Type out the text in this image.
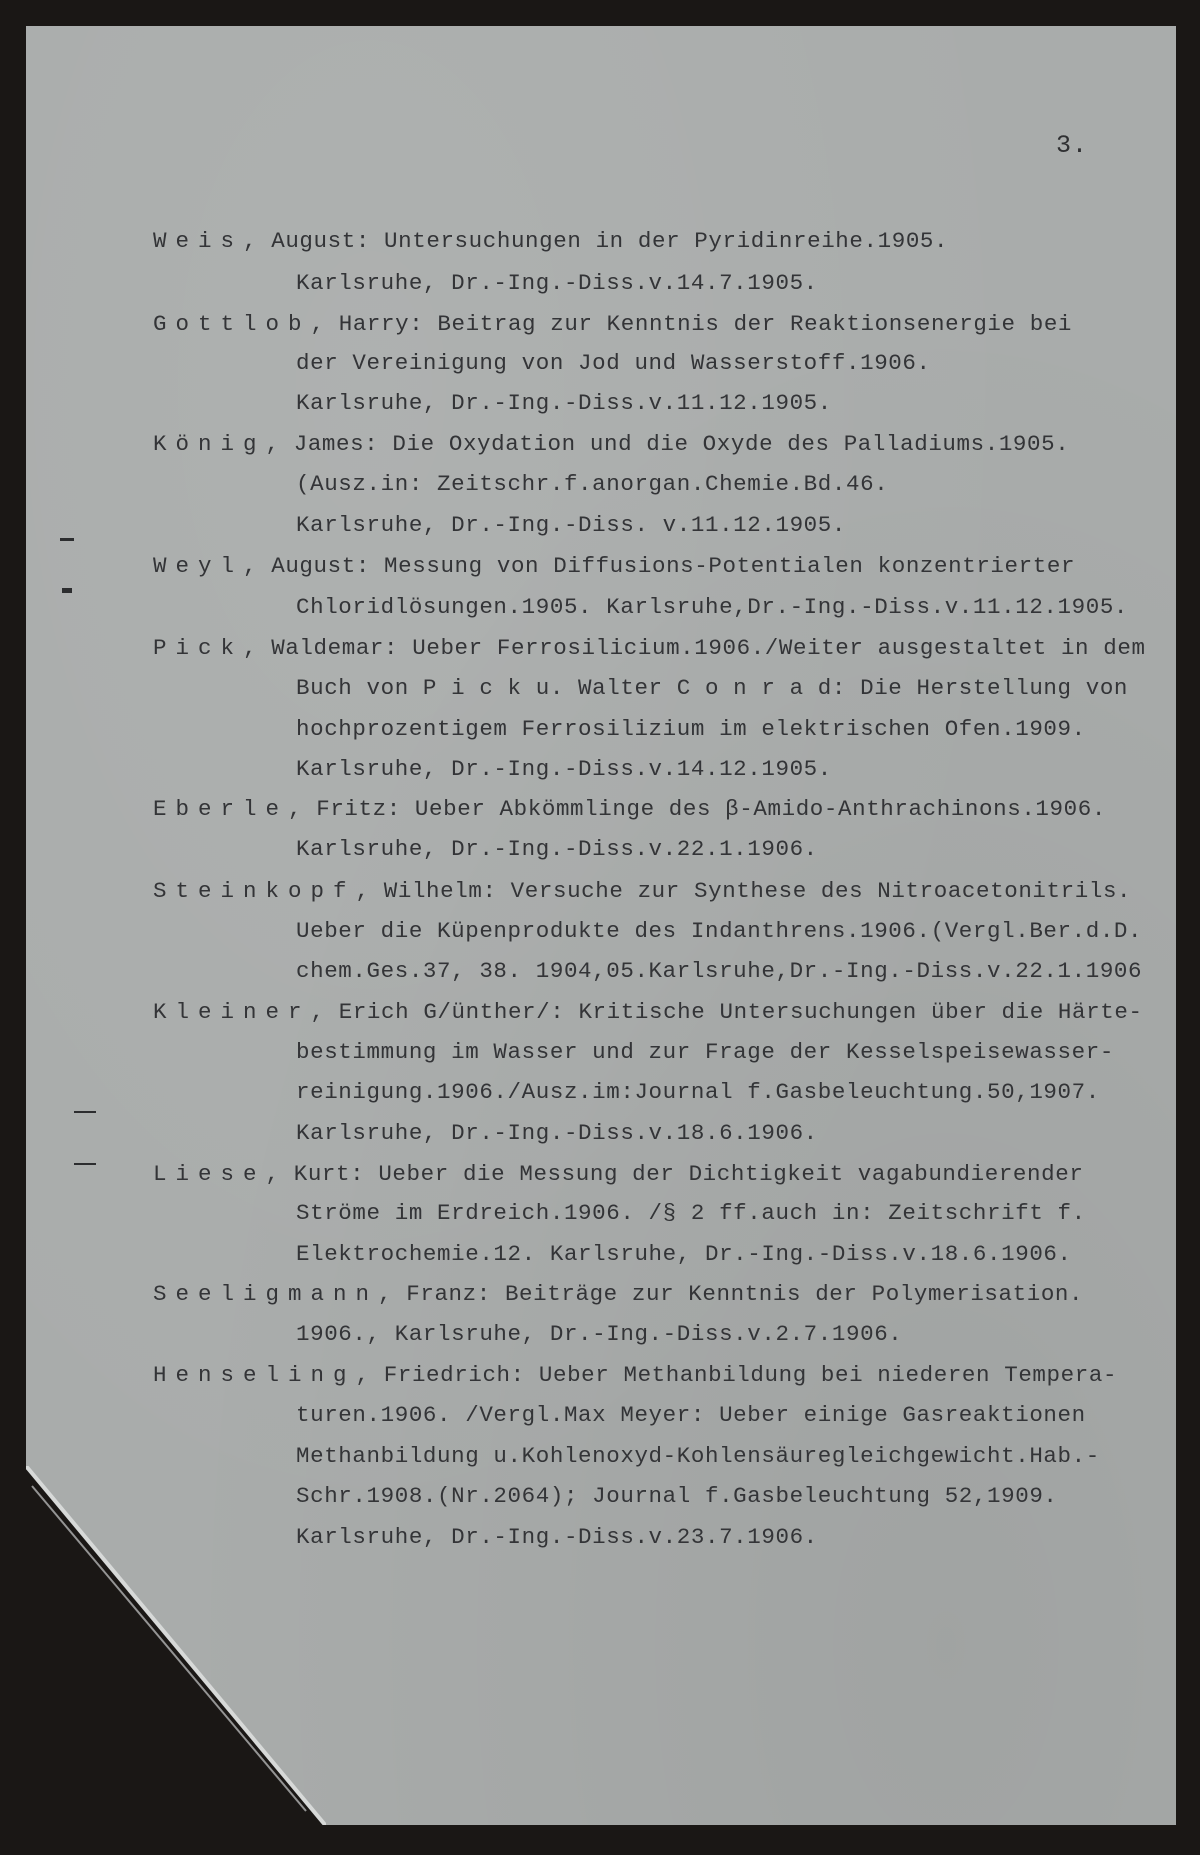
3.
Weis, August: Untersuchungen in der Pyridinreihe.1905.
Karlsruhe, Dr.-Ing.-Diss.v.14.7.1905.
Gottlob, Harry: Beitrag zur Kenntnis der Reaktionsenergie bei
der Vereinigung von Jod und Wasserstoff.1906.
Karlsruhe, Dr.-Ing.-Diss.v.11.12.1905.
König, James: Die Oxydation und die Oxyde des Palladiums.1905.
(Ausz.in: Zeitschr.f.anorgan.Chemie.Bd.46.
Karlsruhe, Dr.-Ing.-Diss. v.11.12.1905.
Weyl, August: Messung von Diffusions-Potentialen konzentrierter
Chloridlösungen.1905. Karlsruhe,Dr.-Ing.-Diss.v.11.12.1905.
Pick, Waldemar: Ueber Ferrosilicium.1906./Weiter ausgestaltet in dem
Buch von P i c k u. Walter C o n r a d: Die Herstellung von
hochprozentigem Ferrosilizium im elektrischen Ofen.1909.
Karlsruhe, Dr.-Ing.-Diss.v.14.12.1905.
Eberle, Fritz: Ueber Abkömmlinge des β-Amido-Anthrachinons.1906.
Karlsruhe, Dr.-Ing.-Diss.v.22.1.1906.
Steinkopf, Wilhelm: Versuche zur Synthese des Nitroacetonitrils.
Ueber die Küpenprodukte des Indanthrens.1906.(Vergl.Ber.d.D.
chem.Ges.37, 38. 1904,05.Karlsruhe,Dr.-Ing.-Diss.v.22.1.1906
Kleiner, Erich G/ünther/: Kritische Untersuchungen über die Härte-
bestimmung im Wasser und zur Frage der Kesselspeisewasser-
reinigung.1906./Ausz.im:Journal f.Gasbeleuchtung.50,1907.
Karlsruhe, Dr.-Ing.-Diss.v.18.6.1906.
Liese, Kurt: Ueber die Messung der Dichtigkeit vagabundierender
Ströme im Erdreich.1906. /§ 2 ff.auch in: Zeitschrift f.
Elektrochemie.12. Karlsruhe, Dr.-Ing.-Diss.v.18.6.1906.
Seeligmann, Franz: Beiträge zur Kenntnis der Polymerisation.
1906., Karlsruhe, Dr.-Ing.-Diss.v.2.7.1906.
Henseling, Friedrich: Ueber Methanbildung bei niederen Tempera-
turen.1906. /Vergl.Max Meyer: Ueber einige Gasreaktionen
Methanbildung u.Kohlenoxyd-Kohlensäuregleichgewicht.Hab.-
Schr.1908.(Nr.2064); Journal f.Gasbeleuchtung 52,1909.
Karlsruhe, Dr.-Ing.-Diss.v.23.7.1906.
